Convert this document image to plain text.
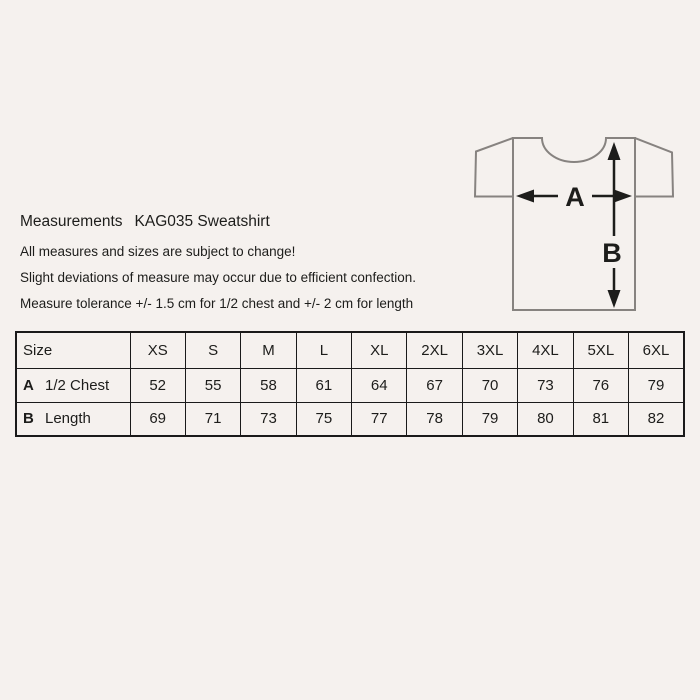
A
B
Measurements KAG035 Sweatshirt
All measures and sizes are subject to change!
Slight deviations of measure may occur due to efficient confection.
Measure tolerance +/- 1.5 cm for 1/2 chest and +/- 2 cm for length
Size	XS	S	M	L	XL	2XL	3XL	4XL	5XL	6XL
A 1/2 Chest	52	55	58	61	64	67	70	73	76	79
B Length	69	71	73	75	77	78	79	80	81	82
